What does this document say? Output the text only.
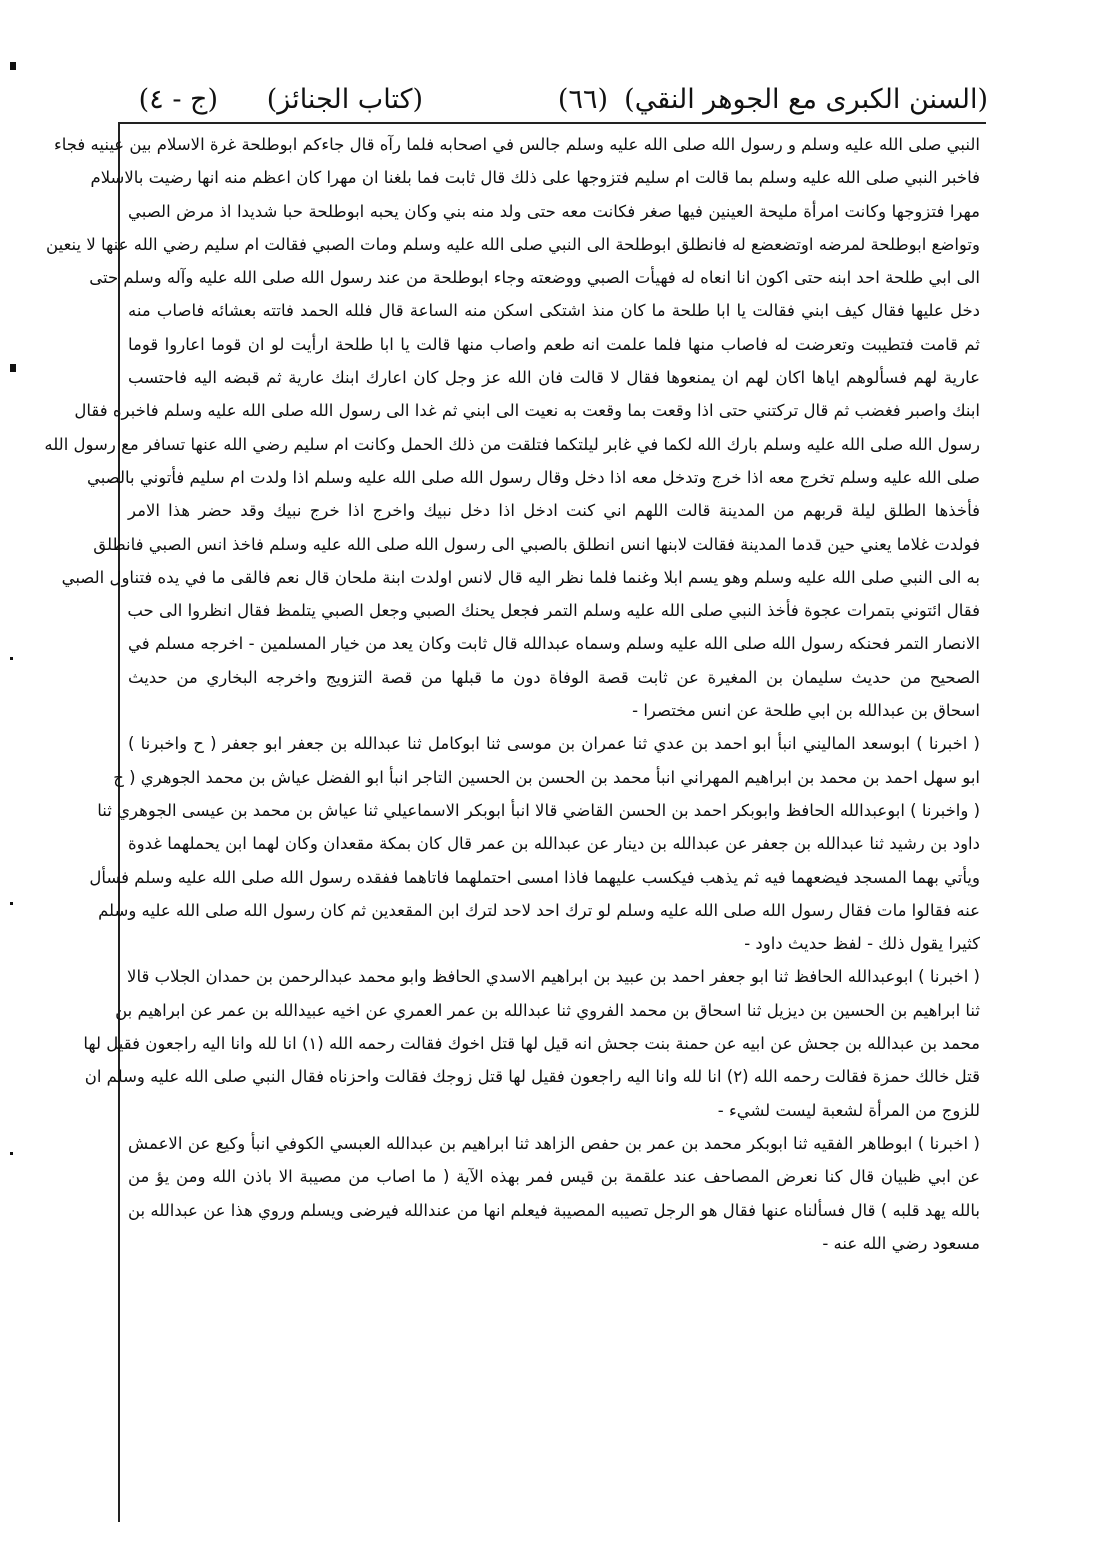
(السنن الكبرى مع الجوهر النقي)
(٦٦)
(كتاب الجنائز)
(ج - ٤)
النبي صلى الله عليه وسلم و رسول الله صلى الله عليه وسلم جالس في اصحابه فلما رآه قال جاءكم ابوطلحة غرة الاسلام بين عينيه فجاء
فاخبر النبي صلى الله عليه وسلم بما قالت ام سليم فتزوجها على ذلك قال ثابت فما بلغنا ان مهرا كان اعظم منه انها رضيت بالاسلام
مهرا فتزوجها وكانت امرأة مليحة العينين فيها صغر فكانت معه حتى ولد منه بني وكان يحبه ابوطلحة حبا شديدا اذ مرض الصبي
وتواضع ابوطلحة لمرضه اوتضعضع له فانطلق ابوطلحة الى النبي صلى الله عليه وسلم ومات الصبي فقالت ام سليم رضي الله عنها لا ينعين
الى ابي طلحة احد ابنه حتى اكون انا انعاه له فهيأت الصبي ووضعته وجاء ابوطلحة من عند رسول الله صلى الله عليه وآله وسلم حتى
دخل عليها فقال كيف ابني فقالت يا ابا طلحة ما كان منذ اشتكى اسكن منه الساعة قال فلله الحمد فاتته بعشائه فاصاب منه
ثم قامت فتطيبت وتعرضت له فاصاب منها فلما علمت انه طعم واصاب منها قالت يا ابا طلحة ارأيت لو ان قوما اعاروا قوما
عارية لهم فسألوهم اياها اكان لهم ان يمنعوها فقال لا قالت فان الله عز وجل كان اعارك ابنك عارية ثم قبضه اليه فاحتسب
ابنك واصبر فغضب ثم قال تركتني حتى اذا وقعت بما وقعت به نعيت الى ابني ثم غدا الى رسول الله صلى الله عليه وسلم فاخبره فقال
رسول الله صلى الله عليه وسلم بارك الله لكما في غابر ليلتكما فتلقت من ذلك الحمل وكانت ام سليم رضي الله عنها تسافر مع رسول الله
صلى الله عليه وسلم تخرج معه اذا خرج وتدخل معه اذا دخل وقال رسول الله صلى الله عليه وسلم اذا ولدت ام سليم فأتوني بالصبي
فأخذها الطلق ليلة قربهم من المدينة قالت اللهم اني كنت ادخل اذا دخل نبيك واخرج اذا خرج نبيك وقد حضر هذا الامر
فولدت غلاما يعني حين قدما المدينة فقالت لابنها انس انطلق بالصبي الى رسول الله صلى الله عليه وسلم فاخذ انس الصبي فانطلق
به الى النبي صلى الله عليه وسلم وهو يسم ابلا وغنما فلما نظر اليه قال لانس اولدت ابنة ملحان قال نعم فالقى ما في يده فتناول الصبي
فقال ائتوني بتمرات عجوة فأخذ النبي صلى الله عليه وسلم التمر فجعل يحنك الصبي وجعل الصبي يتلمظ فقال انظروا الى حب
الانصار التمر فحنكه رسول الله صلى الله عليه وسلم وسماه عبدالله قال ثابت وكان يعد من خيار المسلمين - اخرجه مسلم في
الصحيح من حديث سليمان بن المغيرة عن ثابت قصة الوفاة دون ما قبلها من قصة التزويج واخرجه البخاري من حديث
اسحاق بن عبدالله بن ابي طلحة عن انس مختصرا -
( اخبرنا ) ابوسعد الماليني انبأ ابو احمد بن عدي ثنا عمران بن موسى ثنا ابوكامل ثنا عبدالله بن جعفر ابو جعفر ( ح واخبرنا )
ابو سهل احمد بن محمد بن ابراهيم المهراني انبأ محمد بن الحسن بن الحسين التاجر انبأ ابو الفضل عياش بن محمد الجوهري ( ح
( واخبرنا ) ابوعبدالله الحافظ وابوبكر احمد بن الحسن القاضي قالا انبأ ابوبكر الاسماعيلي ثنا عياش بن محمد بن عيسى الجوهري ثنا
داود بن رشيد ثنا عبدالله بن جعفر عن عبدالله بن دينار عن عبدالله بن عمر قال كان بمكة مقعدان وكان لهما ابن يحملهما غدوة
ويأتي بهما المسجد فيضعهما فيه ثم يذهب فيكسب عليهما فاذا امسى احتملهما فاتاهما ففقده رسول الله صلى الله عليه وسلم فسأل
عنه فقالوا مات فقال رسول الله صلى الله عليه وسلم لو ترك احد لاحد لترك ابن المقعدين ثم كان رسول الله صلى الله عليه وسلم
كثيرا يقول ذلك - لفظ حديث داود -
( اخبرنا ) ابوعبدالله الحافظ ثنا ابو جعفر احمد بن عبيد بن ابراهيم الاسدي الحافظ وابو محمد عبدالرحمن بن حمدان الجلاب قالا
ثنا ابراهيم بن الحسين بن ديزيل ثنا اسحاق بن محمد الفروي ثنا عبدالله بن عمر العمري عن اخيه عبيدالله بن عمر عن ابراهيم بن
محمد بن عبدالله بن جحش عن ابيه عن حمنة بنت جحش انه قيل لها قتل اخوك فقالت رحمه الله (١) انا لله وانا اليه راجعون فقيل لها
قتل خالك حمزة فقالت رحمه الله (٢) انا لله وانا اليه راجعون فقيل لها قتل زوجك فقالت واحزناه فقال النبي صلى الله عليه وسلم ان
للزوج من المرأة لشعبة ليست لشيء -
( اخبرنا ) ابوطاهر الفقيه ثنا ابوبكر محمد بن عمر بن حفص الزاهد ثنا ابراهيم بن عبدالله العبسي الكوفي انبأ وكيع عن الاعمش
عن ابي ظبيان قال كنا نعرض المصاحف عند علقمة بن قيس فمر بهذه الآية ( ما اصاب من مصيبة الا باذن الله ومن يؤ من
بالله يهد قلبه ) قال فسألناه عنها فقال هو الرجل تصيبه المصيبة فيعلم انها من عندالله فيرضى ويسلم وروي هذا عن عبدالله بن
مسعود رضي الله عنه -
